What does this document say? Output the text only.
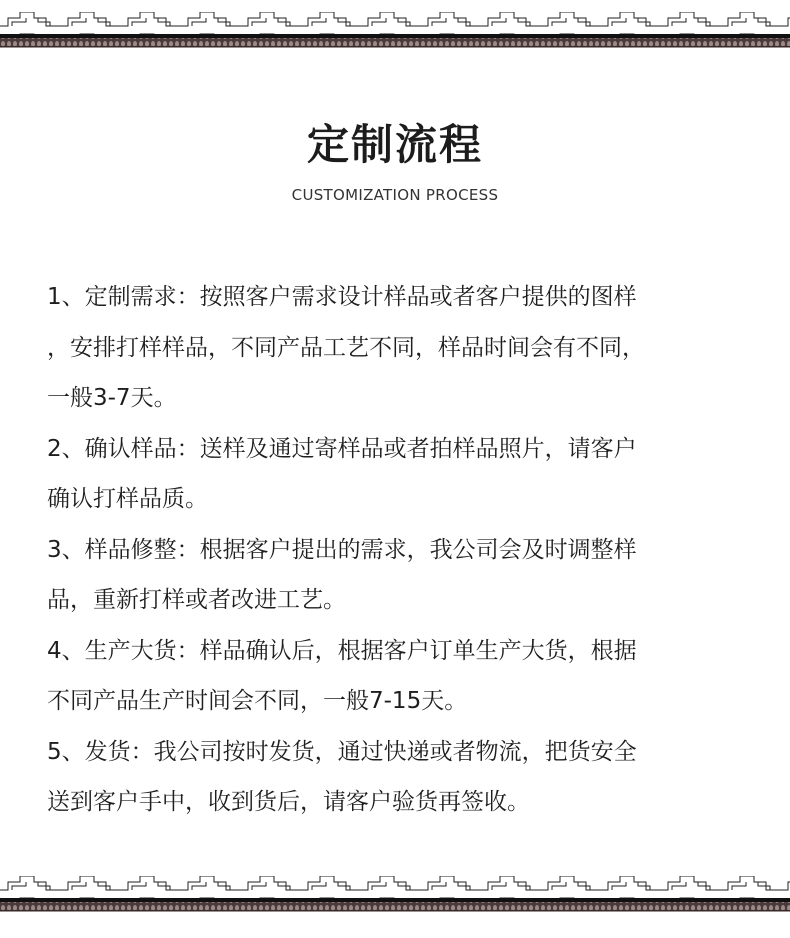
定制流程
CUSTOMIZATION PROCESS
1、定制需求：按照客户需求设计样品或者客户提供的图样
，安排打样样品，不同产品工艺不同，样品时间会有不同，
一般3-7天。
2、确认样品：送样及通过寄样品或者拍样品照片，请客户
确认打样品质。
3、样品修整：根据客户提出的需求，我公司会及时调整样
品，重新打样或者改进工艺。
4、生产大货：样品确认后，根据客户订单生产大货，根据
不同产品生产时间会不同，一般7-15天。
5、发货：我公司按时发货，通过快递或者物流，把货安全
送到客户手中，收到货后，请客户验货再签收。
